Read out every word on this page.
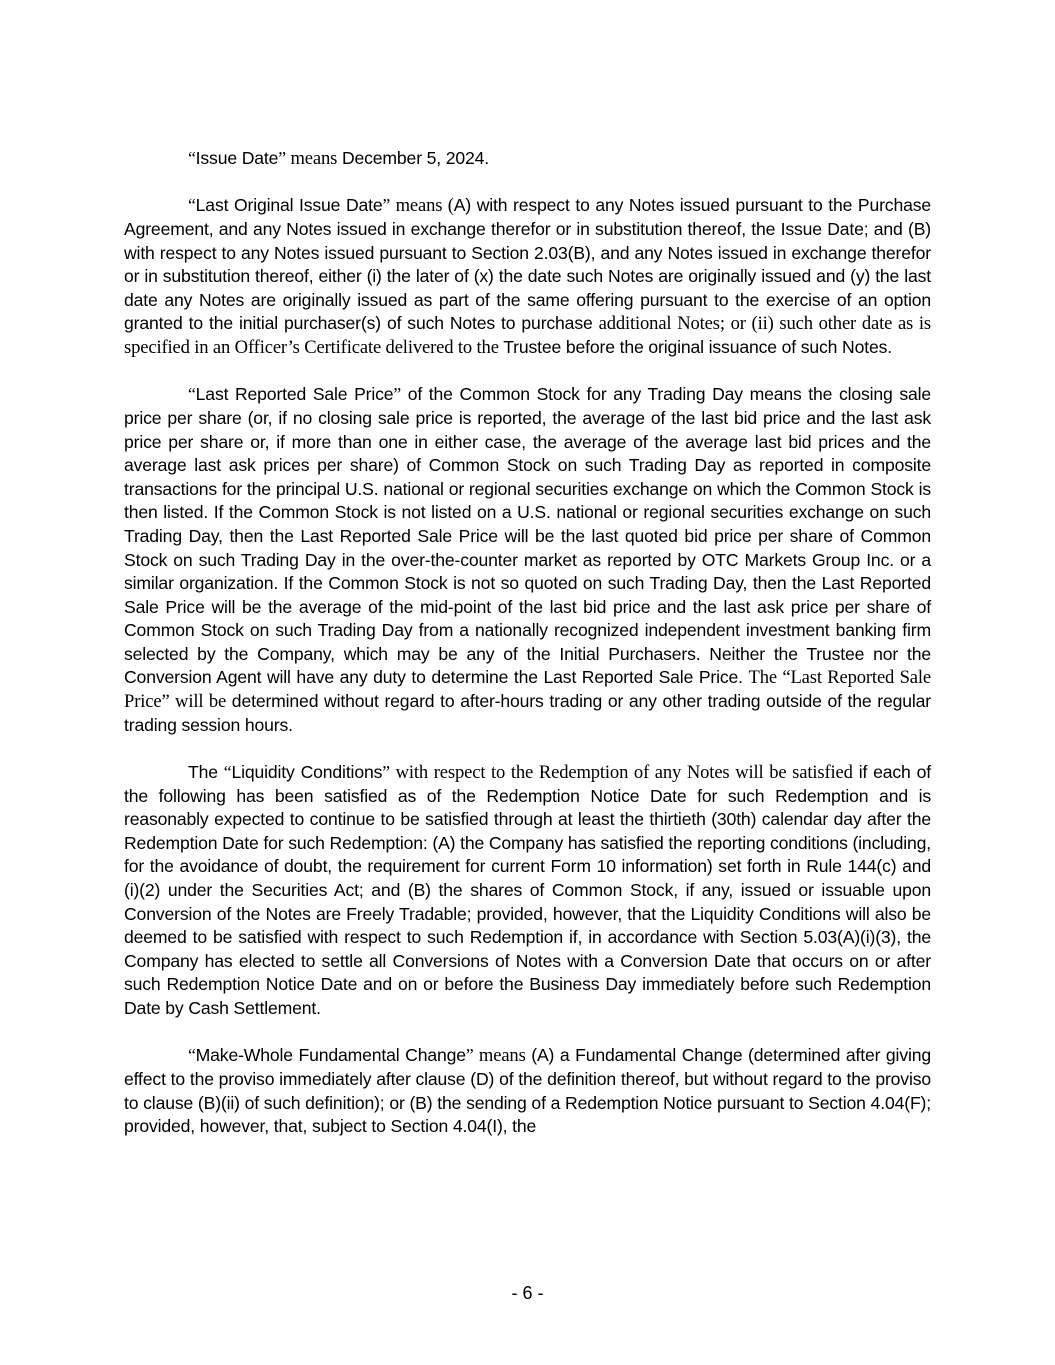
“Issue Date” means December 5, 2024.

“Last Original Issue Date” means (A) with respect to any Notes issued pursuant to the Purchase Agreement, and any Notes issued in exchange therefor or in substitution thereof, the Issue Date; and (B) with respect to any Notes issued pursuant to Section 2.03(B), and any Notes issued in exchange therefor or in substitution thereof, either (i) the later of (x) the date such Notes are originally issued and (y) the last date any Notes are originally issued as part of the same offering pursuant to the exercise of an option granted to the initial purchaser(s) of such Notes to purchase additional Notes; or (ii) such other date as is specified in an Officer’s Certificate delivered to the Trustee before the original issuance of such Notes.

“Last Reported Sale Price” of the Common Stock for any Trading Day means the closing sale price per share (or, if no closing sale price is reported, the average of the last bid price and the last ask price per share or, if more than one in either case, the average of the average last bid prices and the average last ask prices per share) of Common Stock on such Trading Day as reported in composite transactions for the principal U.S. national or regional securities exchange on which the Common Stock is then listed. If the Common Stock is not listed on a U.S. national or regional securities exchange on such Trading Day, then the Last Reported Sale Price will be the last quoted bid price per share of Common Stock on such Trading Day in the over-the-counter market as reported by OTC Markets Group Inc. or a similar organization. If the Common Stock is not so quoted on such Trading Day, then the Last Reported Sale Price will be the average of the mid-point of the last bid price and the last ask price per share of Common Stock on such Trading Day from a nationally recognized independent investment banking firm selected by the Company, which may be any of the Initial Purchasers. Neither the Trustee nor the Conversion Agent will have any duty to determine the Last Reported Sale Price. The “Last Reported Sale Price” will be determined without regard to after-hours trading or any other trading outside of the regular trading session hours.

The “Liquidity Conditions” with respect to the Redemption of any Notes will be satisfied if each of the following has been satisfied as of the Redemption Notice Date for such Redemption and is reasonably expected to continue to be satisfied through at least the thirtieth (30th) calendar day after the Redemption Date for such Redemption: (A) the Company has satisfied the reporting conditions (including, for the avoidance of doubt, the requirement for current Form 10 information) set forth in Rule 144(c) and (i)(2) under the Securities Act; and (B) the shares of Common Stock, if any, issued or issuable upon Conversion of the Notes are Freely Tradable; provided, however, that the Liquidity Conditions will also be deemed to be satisfied with respect to such Redemption if, in accordance with Section 5.03(A)(i)(3), the Company has elected to settle all Conversions of Notes with a Conversion Date that occurs on or after such Redemption Notice Date and on or before the Business Day immediately before such Redemption Date by Cash Settlement.

“Make-Whole Fundamental Change” means (A) a Fundamental Change (determined after giving effect to the proviso immediately after clause (D) of the definition thereof, but without regard to the proviso to clause (B)(ii) of such definition); or (B) the sending of a Redemption Notice pursuant to Section 4.04(F); provided, however, that, subject to Section 4.04(I), the

- 6 -
